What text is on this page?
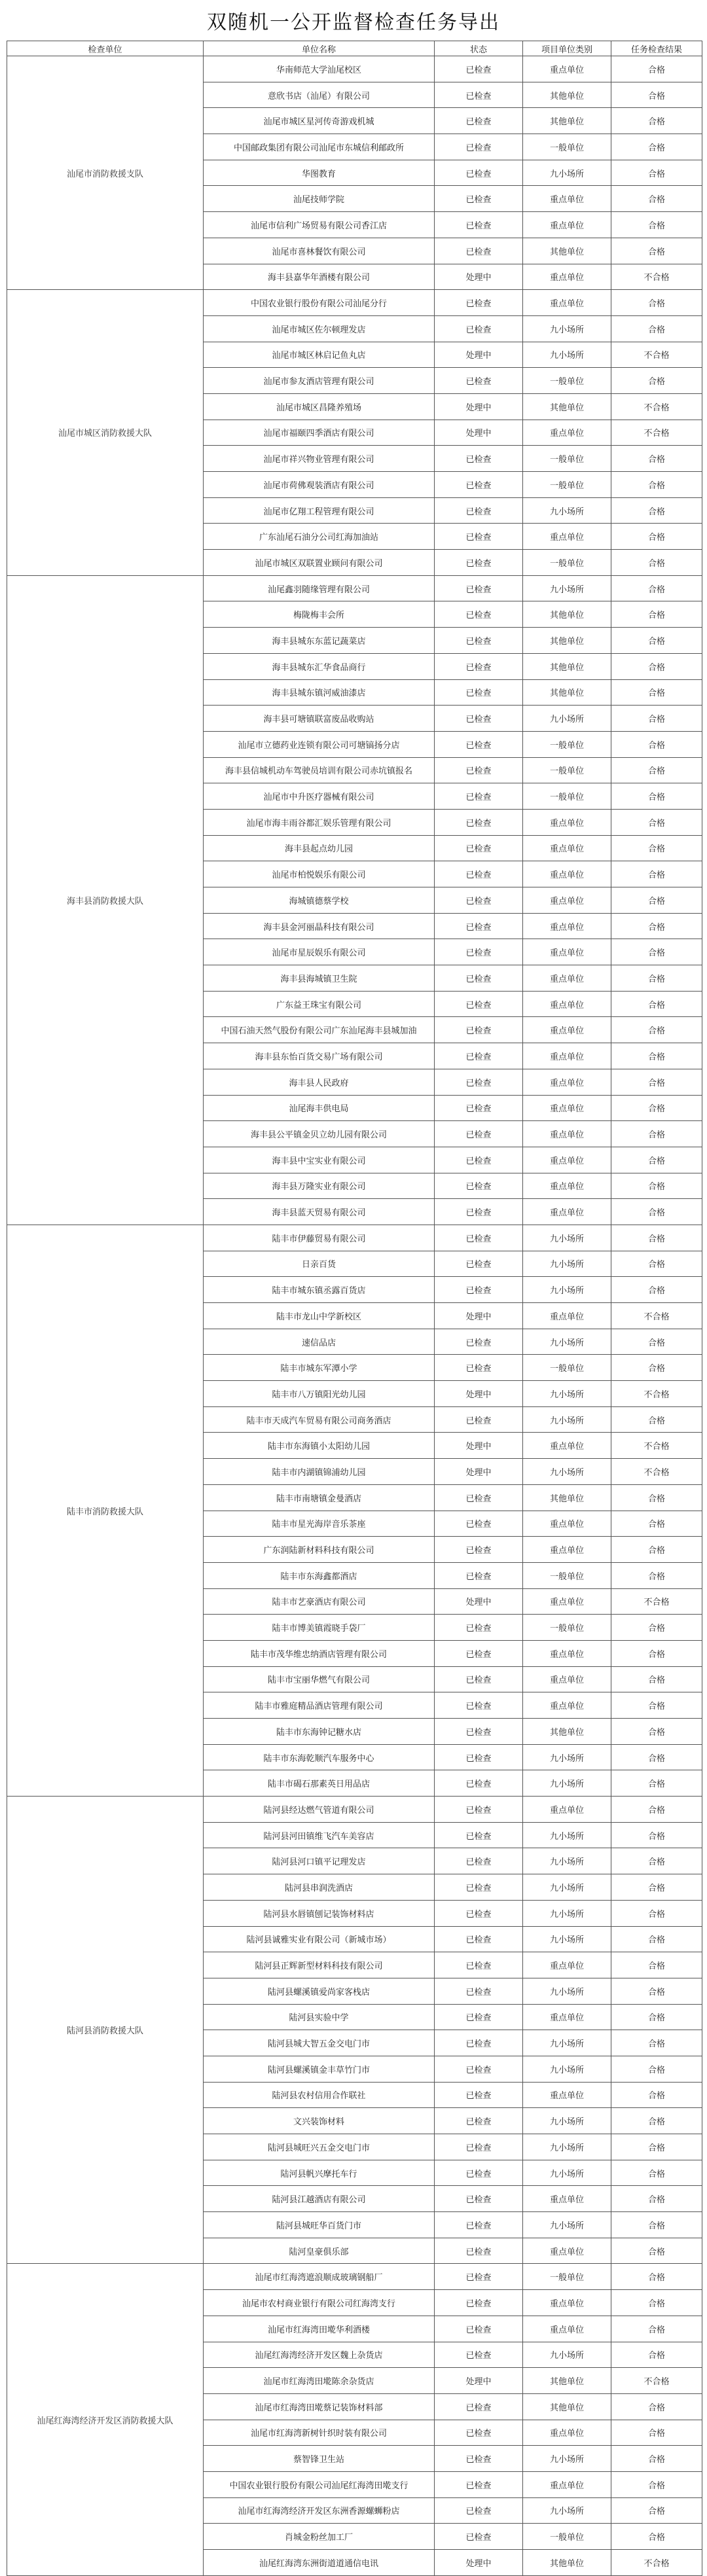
双随机一公开监督检查任务导出
检查单位	单位名称	状态	项目单位类别	任务检查结果
汕尾市消防救援支队	华南师范大学汕尾校区	已检查	重点单位	合格
	意欣书店（汕尾）有限公司	已检查	其他单位	合格
	汕尾市城区星河传奇游戏机城	已检查	其他单位	合格
	中国邮政集团有限公司汕尾市东城信利邮政所	已检查	一般单位	合格
	华图教育	已检查	九小场所	合格
	汕尾技师学院	已检查	重点单位	合格
	汕尾市信利广场贸易有限公司香江店	已检查	重点单位	合格
	汕尾市喜林餐饮有限公司	已检查	其他单位	合格
	海丰县嘉华年酒楼有限公司	处理中	重点单位	不合格
汕尾市城区消防救援大队	中国农业银行股份有限公司汕尾分行	已检查	重点单位	合格
	汕尾市城区佐尔顿理发店	已检查	九小场所	合格
	汕尾市城区林启记鱼丸店	处理中	九小场所	不合格
	汕尾市参友酒店管理有限公司	已检查	一般单位	合格
	汕尾市城区昌隆养殖场	处理中	其他单位	不合格
	汕尾市福颐四季酒店有限公司	处理中	重点单位	不合格
	汕尾市祥兴物业管理有限公司	已检查	一般单位	合格
	汕尾市荷佛观装酒店有限公司	已检查	一般单位	合格
	汕尾市亿翔工程管理有限公司	已检查	九小场所	合格
	广东汕尾石油分公司红海加油站	已检查	重点单位	合格
	汕尾市城区双联置业顾问有限公司	已检查	一般单位	合格
海丰县消防救援大队	汕尾鑫羽随缘管理有限公司	已检查	九小场所	合格
	梅陇梅丰会所	已检查	其他单位	合格
	海丰县城东东蓝记蔬菜店	已检查	其他单位	合格
	海丰县城东汇华食品商行	已检查	其他单位	合格
	海丰县城东镇河威油漆店	已检查	其他单位	合格
	海丰县可塘镇联富废品收购站	已检查	九小场所	合格
	汕尾市立德药业连锁有限公司可塘镐扬分店	已检查	一般单位	合格
	海丰县信城机动车驾驶员培训有限公司赤坑镇报名	已检查	一般单位	合格
	汕尾市中升医疗器械有限公司	已检查	一般单位	合格
	汕尾市海丰雨谷都汇娱乐管理有限公司	已检查	重点单位	合格
	海丰县起点幼儿园	已检查	重点单位	合格
	汕尾市柏悦娱乐有限公司	已检查	重点单位	合格
	海城镇德蔡学校	已检查	重点单位	合格
	海丰县金河丽晶科技有限公司	已检查	重点单位	合格
	汕尾市星辰娱乐有限公司	已检查	重点单位	合格
	海丰县海城镇卫生院	已检查	重点单位	合格
	广东益王珠宝有限公司	已检查	重点单位	合格
	中国石油天然气股份有限公司广东汕尾海丰县城加油	已检查	重点单位	合格
	海丰县东怡百货交易广场有限公司	已检查	重点单位	合格
	海丰县人民政府	已检查	重点单位	合格
	汕尾海丰供电局	已检查	重点单位	合格
	海丰县公平镇金贝立幼儿园有限公司	已检查	重点单位	合格
	海丰县中宝实业有限公司	已检查	重点单位	合格
	海丰县万隆实业有限公司	已检查	重点单位	合格
	海丰县蓝天贸易有限公司	已检查	重点单位	合格
陆丰市消防救援大队	陆丰市伊藤贸易有限公司	已检查	九小场所	合格
	日亲百货	已检查	九小场所	合格
	陆丰市城东镇丞露百货店	已检查	九小场所	合格
	陆丰市龙山中学新校区	处理中	重点单位	不合格
	速信品店	已检查	九小场所	合格
	陆丰市城东军潭小学	已检查	一般单位	合格
	陆丰市八万镇阳光幼儿园	处理中	九小场所	不合格
	陆丰市天成汽车贸易有限公司商务酒店	已检查	九小场所	合格
	陆丰市东海镇小太阳幼儿园	处理中	重点单位	不合格
	陆丰市内湖镇锦浦幼儿园	处理中	九小场所	不合格
	陆丰市南塘镇金曼酒店	已检查	其他单位	合格
	陆丰市星光海岸音乐茶座	已检查	重点单位	合格
	广东润陆新材料科技有限公司	已检查	重点单位	合格
	陆丰市东海鑫都酒店	已检查	一般单位	合格
	陆丰市艺豪酒店有限公司	处理中	重点单位	不合格
	陆丰市博美镇霞晓手袋厂	已检查	一般单位	合格
	陆丰市茂华维忠纳酒店管理有限公司	已检查	重点单位	合格
	陆丰市宝丽华燃气有限公司	已检查	重点单位	合格
	陆丰市雅庭精品酒店管理有限公司	已检查	重点单位	合格
	陆丰市东海钟记糖水店	已检查	其他单位	合格
	陆丰市东海乾顺汽车服务中心	已检查	九小场所	合格
	陆丰市碣石那素英日用品店	已检查	九小场所	合格
陆河县消防救援大队	陆河县经达燃气管道有限公司	已检查	重点单位	合格
	陆河县河田镇维飞汽车美容店	已检查	九小场所	合格
	陆河县河口镇平记理发店	已检查	九小场所	合格
	陆河县串润洗酒店	已检查	九小场所	合格
	陆河县水唇镇刨记装饰材料店	已检查	九小场所	合格
	陆河县诚雅实业有限公司（新城市场）	已检查	九小场所	合格
	陆河县正辉新型材料科技有限公司	已检查	重点单位	合格
	陆河县螺溪镇爱尚家客栈店	已检查	九小场所	合格
	陆河县实验中学	已检查	重点单位	合格
	陆河县城大智五金交电门市	已检查	九小场所	合格
	陆河县螺溪镇金丰草竹门市	已检查	九小场所	合格
	陆河县农村信用合作联社	已检查	重点单位	合格
	文兴装饰材料	已检查	九小场所	合格
	陆河县城旺兴五金交电门市	已检查	九小场所	合格
	陆河县帆兴摩托车行	已检查	九小场所	合格
	陆河县江越酒店有限公司	已检查	重点单位	合格
	陆河县城旺华百货门市	已检查	九小场所	合格
	陆河皇豪俱乐部	已检查	重点单位	合格
汕尾红海湾经济开发区消防救援大队	汕尾市红海湾遮浪顺成玻璃钢船厂	已检查	一般单位	合格
	汕尾市农村商业银行有限公司红海湾支行	已检查	重点单位	合格
	汕尾市红海湾田墘华利酒楼	已检查	重点单位	合格
	汕尾红海湾经济开发区魏上杂货店	已检查	九小场所	合格
	汕尾市红海湾田墘陈余杂货店	处理中	其他单位	不合格
	汕尾市红海湾田墘蔡记装饰材料部	已检查	其他单位	合格
	汕尾市红海湾新树针织时装有限公司	已检查	重点单位	合格
	蔡智锋卫生站	已检查	九小场所	合格
	中国农业银行股份有限公司汕尾红海湾田墘支行	已检查	重点单位	合格
	汕尾市红海湾经济开发区东洲香源螺蛳粉店	已检查	九小场所	合格
	肖城金粉丝加工厂	已检查	一般单位	合格
	汕尾红海湾东洲街道道通信电讯	处理中	其他单位	不合格
